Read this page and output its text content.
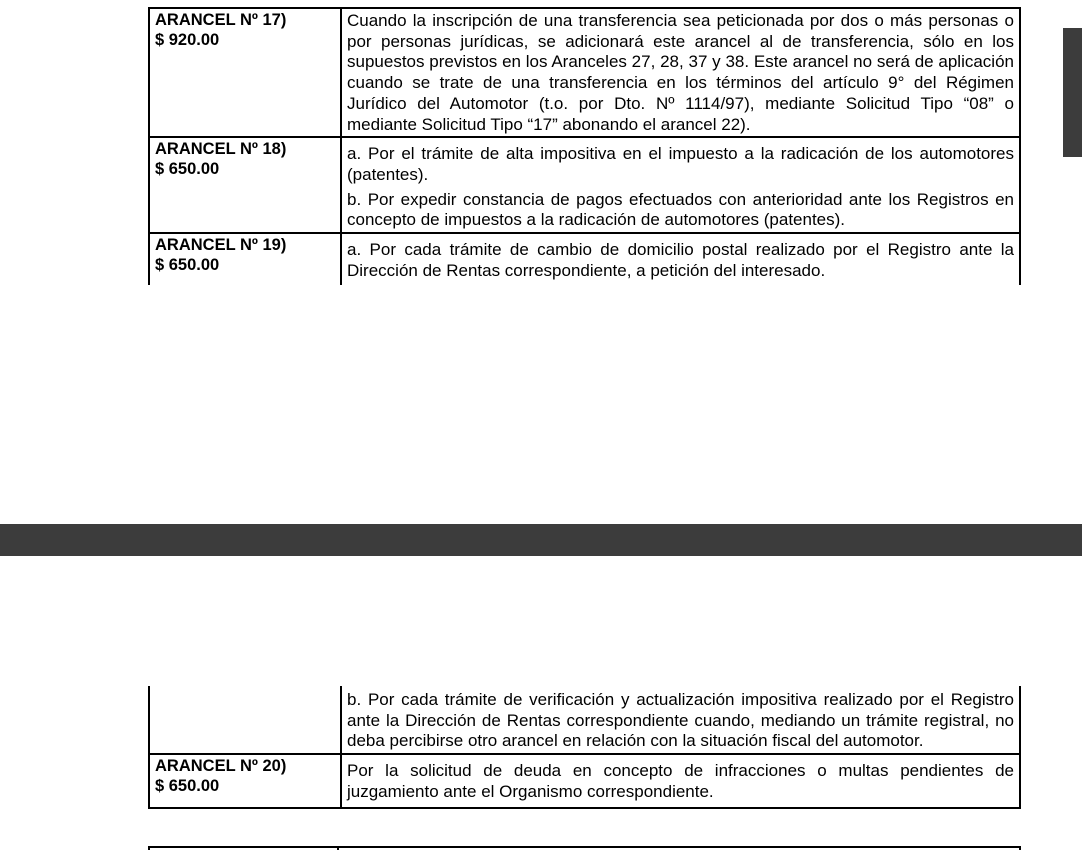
ARANCEL Nº 17)
$ 920.00	Cuando la inscripción de una transferencia sea peticionada por dos o más personas o por personas jurídicas, se adicionará este arancel al de transferencia, sólo en los supuestos previstos en los Aranceles 27, 28, 37 y 38. Este arancel no será de aplicación cuando se trate de una transferencia en los términos del artículo 9° del Régimen Jurídico del Automotor (t.o. por Dto. Nº 1114/97), mediante Solicitud Tipo “08” o mediante Solicitud Tipo “17” abonando el arancel 22).

ARANCEL Nº 18)
$ 650.00	a. Por el trámite de alta impositiva en el impuesto a la radicación de los automotores (patentes).
b. Por expedir constancia de pagos efectuados con anterioridad ante los Registros en concepto de impuestos a la radicación de automotores (patentes).

ARANCEL Nº 19)
$ 650.00	a. Por cada trámite de cambio de domicilio postal realizado por el Registro ante la Dirección de Rentas correspondiente, a petición del interesado.

	b. Por cada trámite de verificación y actualización impositiva realizado por el Registro ante la Dirección de Rentas correspondiente cuando, mediando un trámite registral, no deba percibirse otro arancel en relación con la situación fiscal del automotor.

ARANCEL Nº 20)
$ 650.00	Por la solicitud de deuda en concepto de infracciones o multas pendientes de juzgamiento ante el Organismo correspondiente.
